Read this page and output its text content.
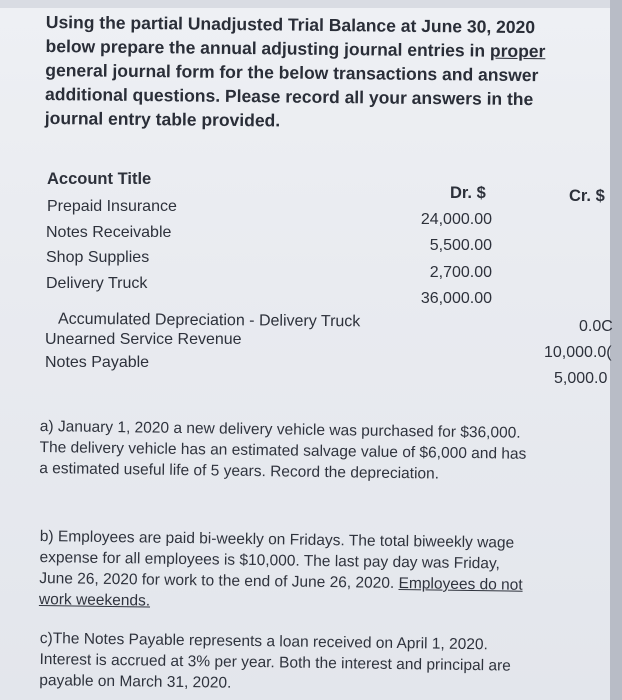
Using the partial Unadjusted Trial Balance at June 30, 2020 below prepare the annual adjusting journal entries in proper general journal form for the below transactions and answer additional questions. Please record all your answers in the journal entry table provided.
Account Title
Dr. $	Cr. $
Prepaid Insurance
Notes Receivable
Shop Supplies
Delivery Truck
Accumulated Depreciation - Delivery Truck
Unearned Service Revenue
Notes Payable
24,000.00
5,500.00
2,700.00
36,000.00
0.0C
10,000.0(
5,000.0
a) January 1, 2020 a new delivery vehicle was purchased for $36,000. The delivery vehicle has an estimated salvage value of $6,000 and has a estimated useful life of 5 years. Record the depreciation.
b) Employees are paid bi-weekly on Fridays. The total biweekly wage expense for all employees is $10,000. The last pay day was Friday, June 26, 2020 for work to the end of June 26, 2020. Employees do not work weekends.
c)The Notes Payable represents a loan received on April 1, 2020. Interest is accrued at 3% per year. Both the interest and principal are payable on March 31, 2020.
